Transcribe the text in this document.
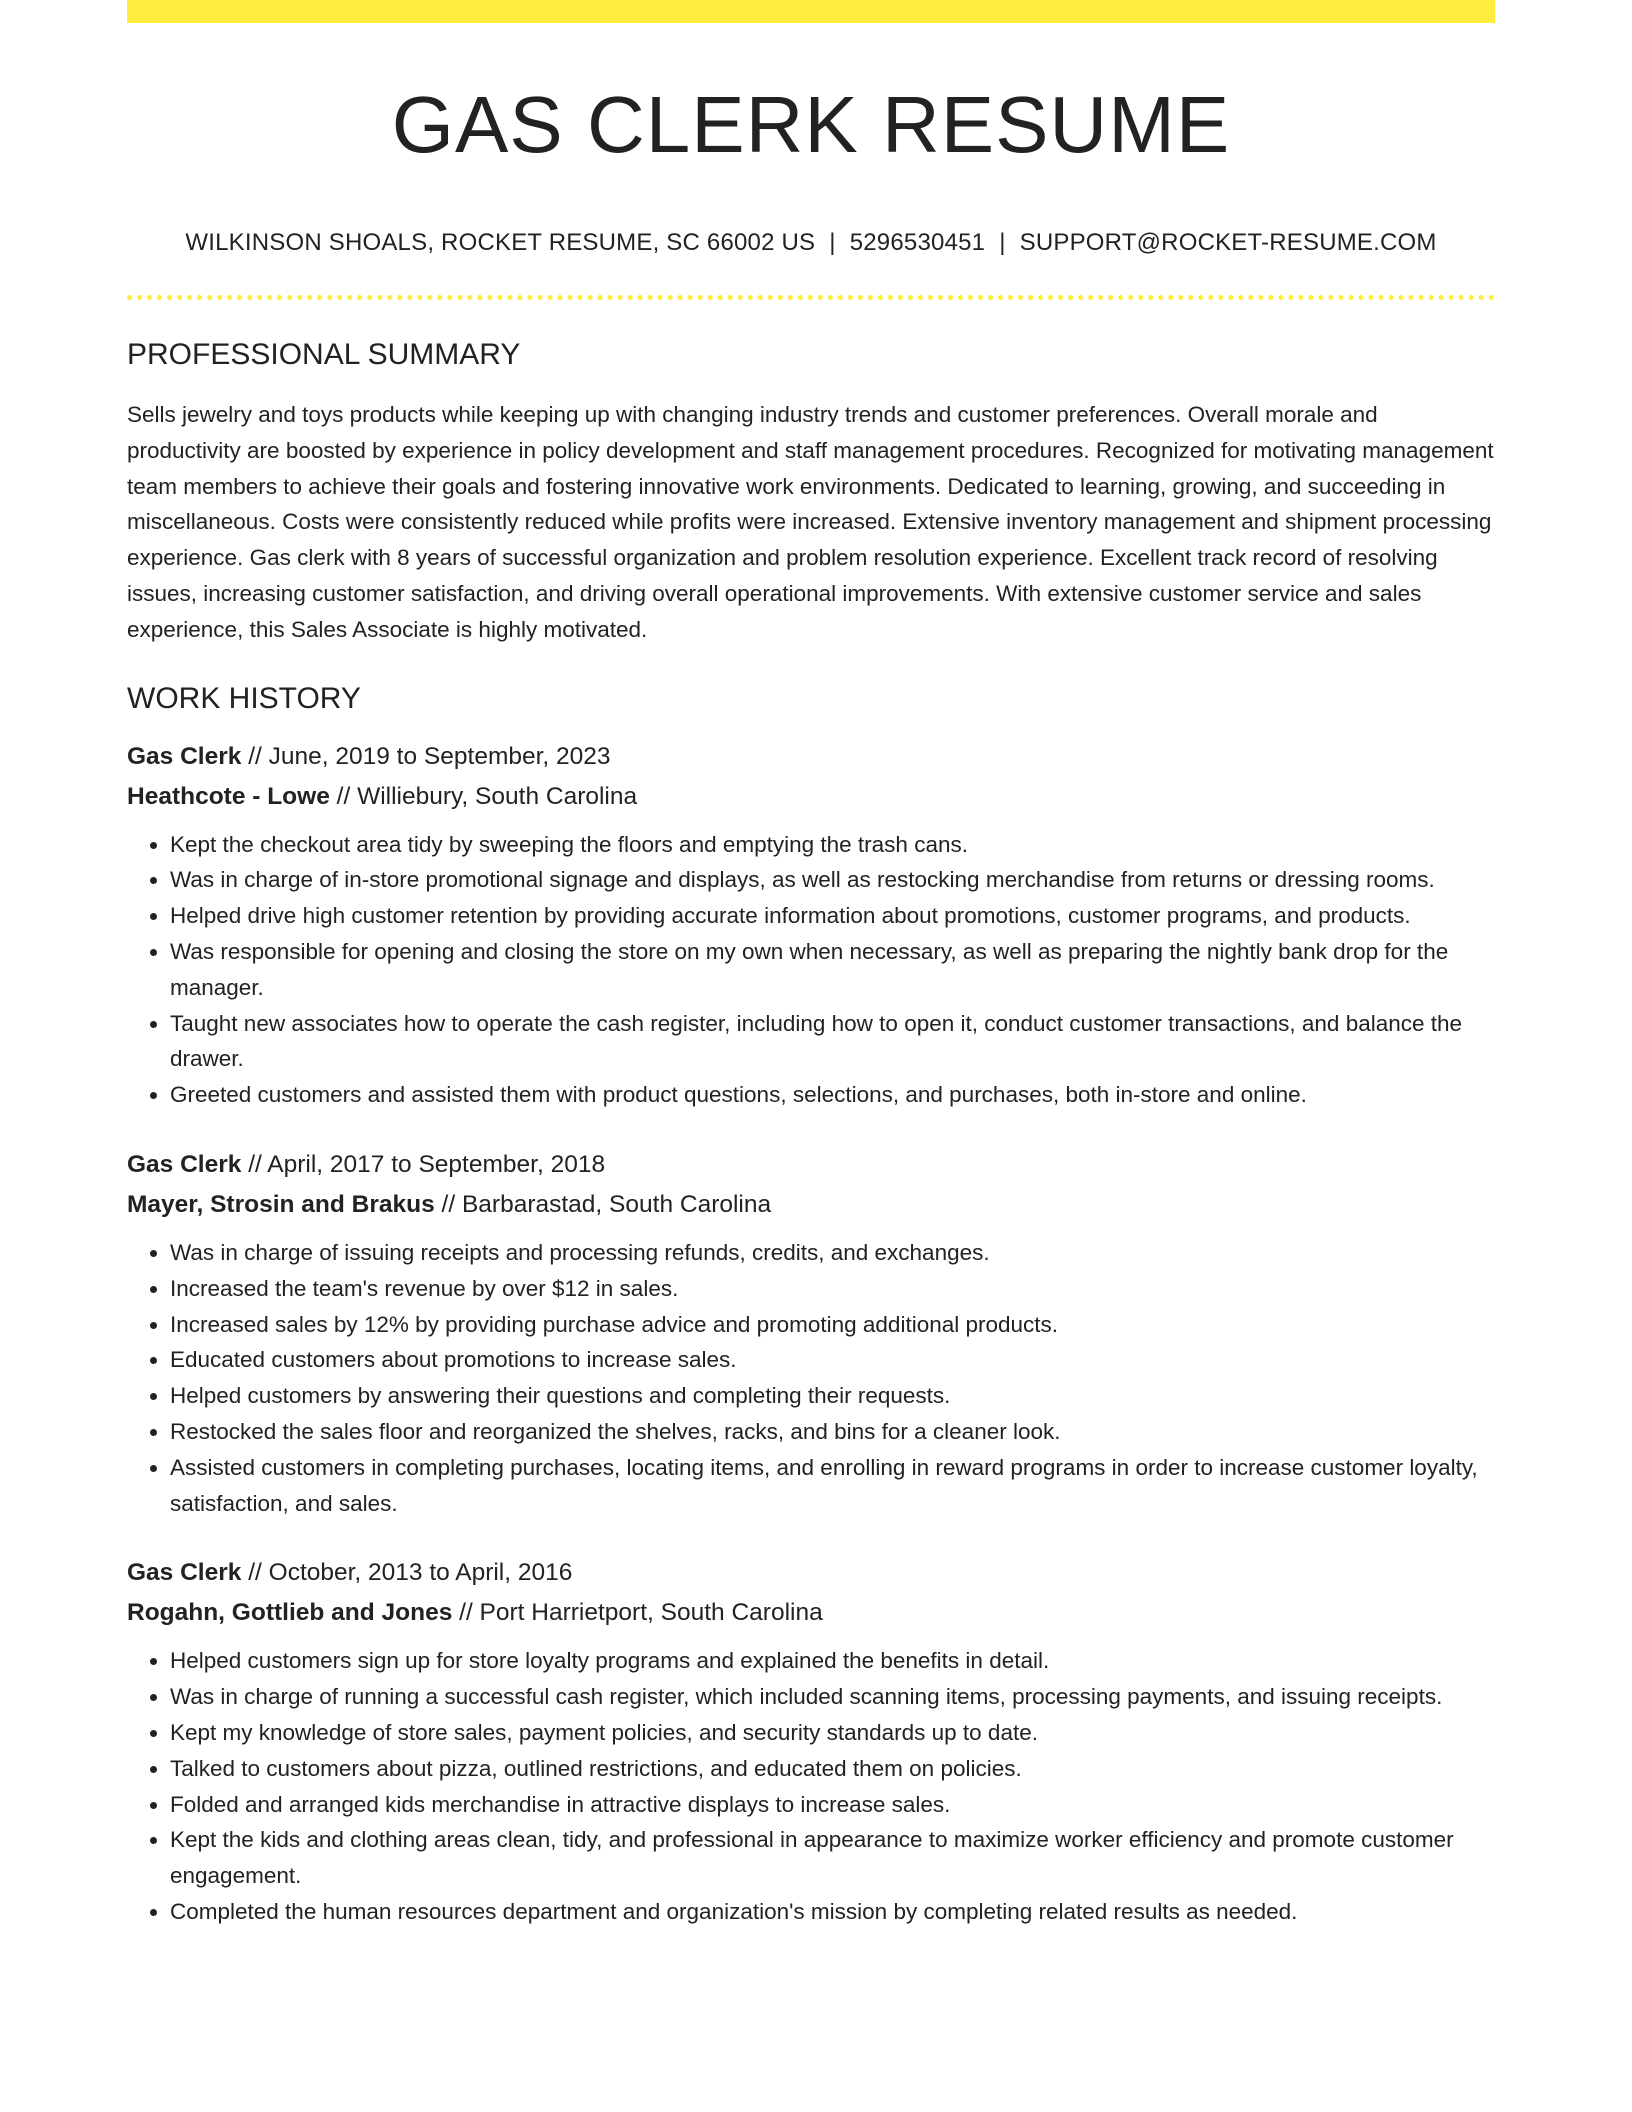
GAS CLERK RESUME
WILKINSON SHOALS, ROCKET RESUME, SC 66002 US | 5296530451 | SUPPORT@ROCKET-RESUME.COM
PROFESSIONAL SUMMARY

Sells jewelry and toys products while keeping up with changing industry trends and customer preferences. Overall morale and productivity are boosted by experience in policy development and staff management procedures. Recognized for motivating management team members to achieve their goals and fostering innovative work environments. Dedicated to learning, growing, and succeeding in miscellaneous. Costs were consistently reduced while profits were increased. Extensive inventory management and shipment processing experience. Gas clerk with 8 years of successful organization and problem resolution experience. Excellent track record of resolving issues, increasing customer satisfaction, and driving overall operational improvements. With extensive customer service and sales experience, this Sales Associate is highly motivated.

WORK HISTORY
Gas Clerk // June, 2019 to September, 2023
Heathcote - Lowe // Williebury, South Carolina
• Kept the checkout area tidy by sweeping the floors and emptying the trash cans.
• Was in charge of in-store promotional signage and displays, as well as restocking merchandise from returns or dressing rooms.
• Helped drive high customer retention by providing accurate information about promotions, customer programs, and products.
• Was responsible for opening and closing the store on my own when necessary, as well as preparing the nightly bank drop for the manager.
• Taught new associates how to operate the cash register, including how to open it, conduct customer transactions, and balance the drawer.
• Greeted customers and assisted them with product questions, selections, and purchases, both in-store and online.
Gas Clerk // April, 2017 to September, 2018
Mayer, Strosin and Brakus // Barbarastad, South Carolina
• Was in charge of issuing receipts and processing refunds, credits, and exchanges.
• Increased the team's revenue by over $12 in sales.
• Increased sales by 12% by providing purchase advice and promoting additional products.
• Educated customers about promotions to increase sales.
• Helped customers by answering their questions and completing their requests.
• Restocked the sales floor and reorganized the shelves, racks, and bins for a cleaner look.
• Assisted customers in completing purchases, locating items, and enrolling in reward programs in order to increase customer loyalty, satisfaction, and sales.
Gas Clerk // October, 2013 to April, 2016
Rogahn, Gottlieb and Jones // Port Harrietport, South Carolina
• Helped customers sign up for store loyalty programs and explained the benefits in detail.
• Was in charge of running a successful cash register, which included scanning items, processing payments, and issuing receipts.
• Kept my knowledge of store sales, payment policies, and security standards up to date.
• Talked to customers about pizza, outlined restrictions, and educated them on policies.
• Folded and arranged kids merchandise in attractive displays to increase sales.
• Kept the kids and clothing areas clean, tidy, and professional in appearance to maximize worker efficiency and promote customer engagement.
• Completed the human resources department and organization's mission by completing related results as needed.
